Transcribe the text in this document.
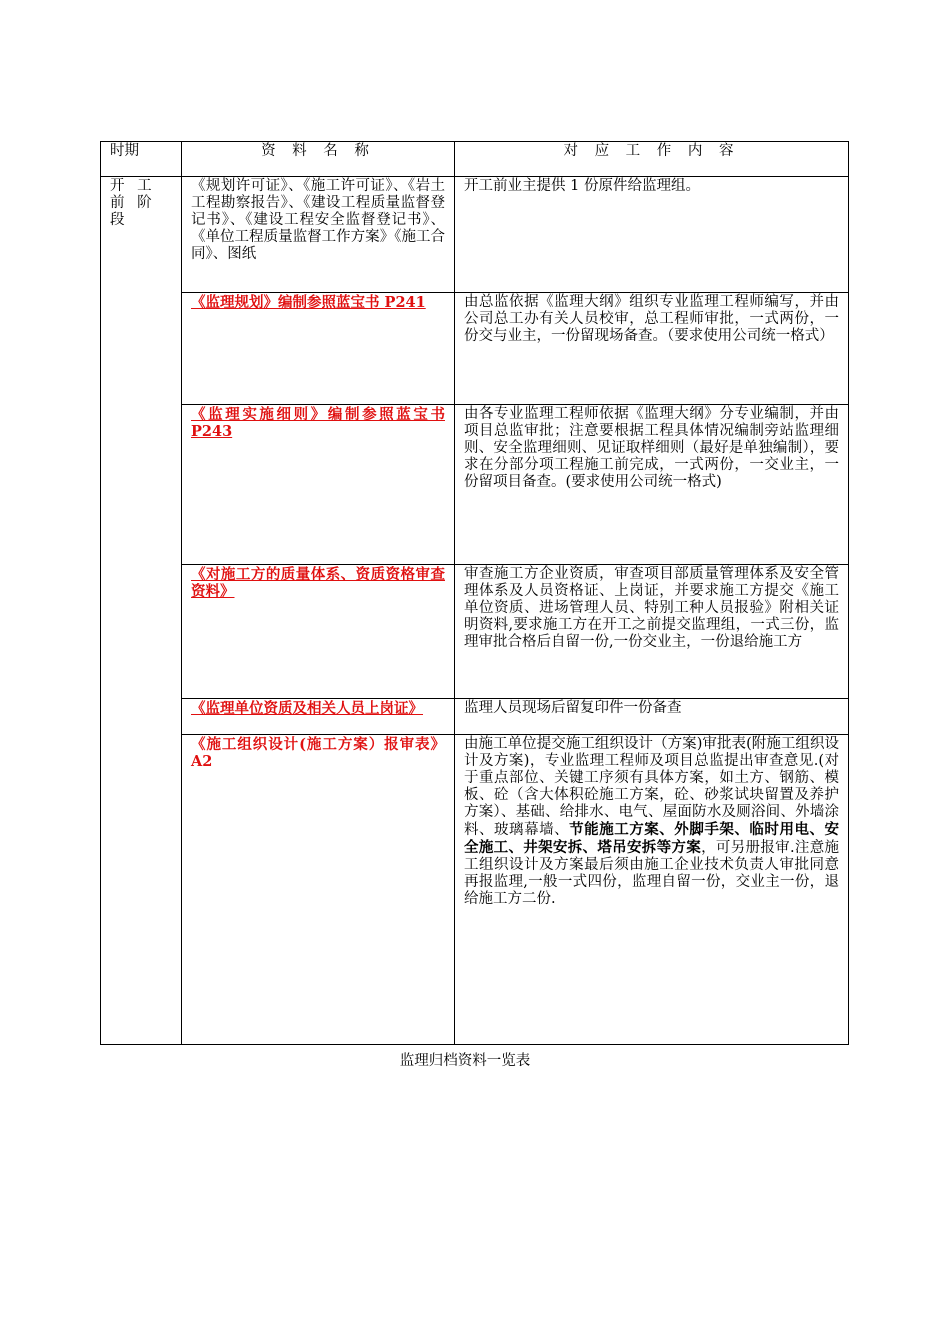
时期	资 料 名 称	对 应 工 作 内 容
开 工 前 阶段	《规划许可证》、《施工许可证》、《岩土工程勘察报告》、《建设工程质量监督登记书》、《建设工程安全监督登记书》、《单位工程质量监督工作方案》《施工合同》、图纸	开工前业主提供 1 份原件给监理组。
	《监理规划》编制参照蓝宝书 P241	由总监依据《监理大纲》组织专业监理工程师编写，并由公司总工办有关人员校审，总工程师审批，一式两份，一份交与业主，一份留现场备查。（要求使用公司统一格式）
	《监理实施细则》编制参照蓝宝书 P243	由各专业监理工程师依据《监理大纲》分专业编制，并由项目总监审批；注意要根据工程具体情况编制旁站监理细则、安全监理细则、见证取样细则（最好是单独编制），要求在分部分项工程施工前完成，一式两份，一交业主，一份留项目备查。(要求使用公司统一格式)
	《对施工方的质量体系、资质资格审查资料》	审查施工方企业资质，审查项目部质量管理体系及安全管理体系及人员资格证、上岗证，并要求施工方提交《施工单位资质、进场管理人员、特别工种人员报验》附相关证明资料,要求施工方在开工之前提交监理组，一式三份，监理审批合格后自留一份,一份交业主，一份退给施工方
	《监理单位资质及相关人员上岗证》	监理人员现场后留复印件一份备查
	《施工组织设计(施工方案）报审表》A2	由施工单位提交施工组织设计（方案)审批表(附施工组织设计及方案)，专业监理工程师及项目总监提出审查意见.(对于重点部位、关键工序须有具体方案，如土方、钢筋、模板、砼（含大体积砼施工方案，砼、砂浆试块留置及养护方案）、基础、给排水、电气、屋面防水及厕浴间、外墙涂料、玻璃幕墙、节能施工方案、外脚手架、临时用电、安全施工、井架安拆、塔吊安拆等方案，可另册报审.注意施工组织设计及方案最后须由施工企业技术负责人审批同意再报监理,一般一式四份，监理自留一份，交业主一份，退给施工方二份.
监理归档资料一览表
